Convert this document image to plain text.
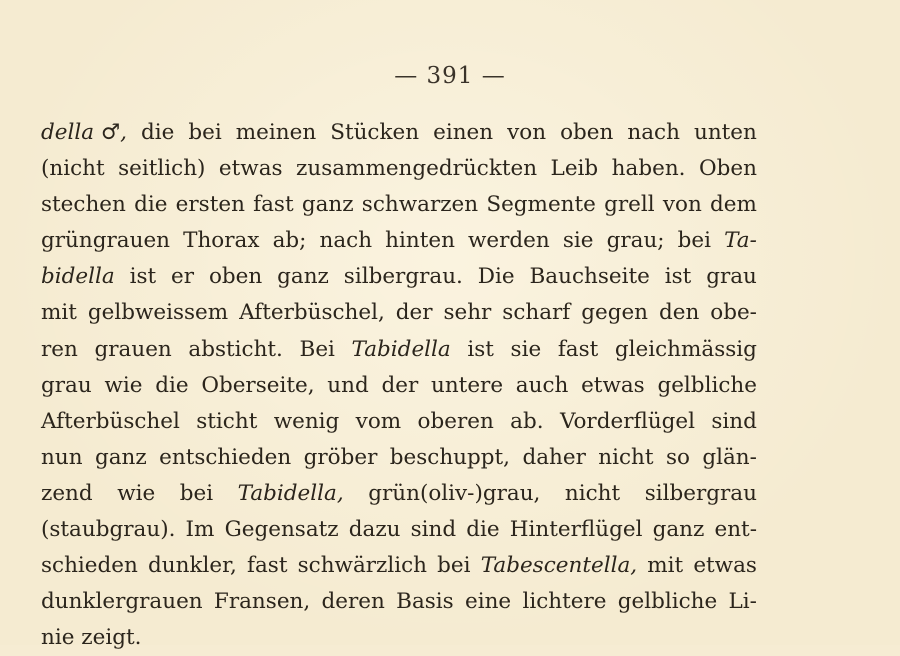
— 391 —
della ♂, die bei meinen Stücken einen von oben nach unten
(nicht seitlich) etwas zusammengedrückten Leib haben. Oben
stechen die ersten fast ganz schwarzen Segmente grell von dem
grüngrauen Thorax ab; nach hinten werden sie grau; bei Ta-
bidella ist er oben ganz silbergrau. Die Bauchseite ist grau
mit gelbweissem Afterbüschel, der sehr scharf gegen den obe-
ren grauen absticht. Bei Tabidella ist sie fast gleichmässig
grau wie die Oberseite, und der untere auch etwas gelbliche
Afterbüschel sticht wenig vom oberen ab. Vorderflügel sind
nun ganz entschieden gröber beschuppt, daher nicht so glän-
zend wie bei Tabidella, grün(oliv-)grau, nicht silbergrau
(staubgrau). Im Gegensatz dazu sind die Hinterflügel ganz ent-
schieden dunkler, fast schwärzlich bei Tabescentella, mit etwas
dunklergrauen Fransen, deren Basis eine lichtere gelbliche Li-
nie
zeigt.
